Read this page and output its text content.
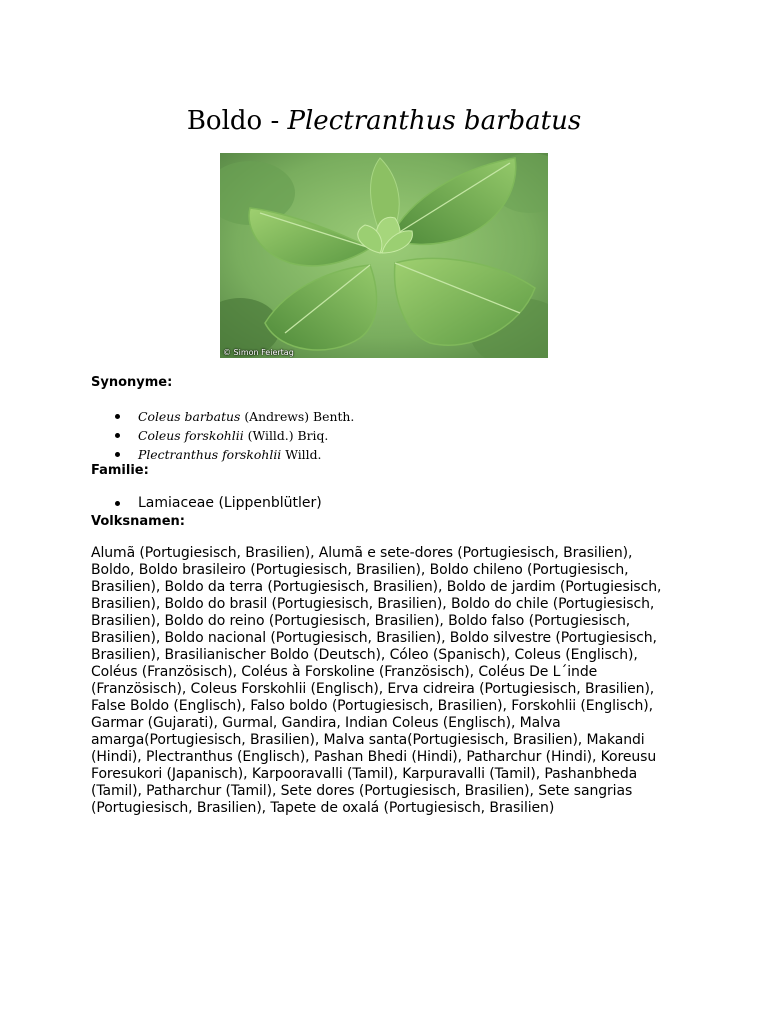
Boldo - Plectranthus barbatus
© Simon Feiertag
Synonyme:
Coleus barbatus (Andrews) Benth.
Coleus forskohlii (Willd.) Briq.
Plectranthus forskohlii Willd.
Familie:
Lamiaceae (Lippenblütler)
Volksnamen:

Alumã (Portugiesisch, Brasilien), Alumã e sete-dores (Portugiesisch, Brasilien), Boldo, Boldo brasileiro (Portugiesisch, Brasilien), Boldo chileno (Portugiesisch, Brasilien), Boldo da terra (Portugiesisch, Brasilien), Boldo de jardim (Portugiesisch, Brasilien), Boldo do brasil (Portugiesisch, Brasilien), Boldo do chile (Portugiesisch, Brasilien), Boldo do reino (Portugiesisch, Brasilien), Boldo falso (Portugiesisch, Brasilien), Boldo nacional (Portugiesisch, Brasilien), Boldo silvestre (Portugiesisch, Brasilien), Brasilianischer Boldo (Deutsch), Cóleo (Spanisch), Coleus (Englisch), Coléus (Französisch), Coléus à Forskoline (Französisch), Coléus De L´inde (Französisch), Coleus Forskohlii (Englisch), Erva cidreira (Portugiesisch, Brasilien), False Boldo (Englisch), Falso boldo (Portugiesisch, Brasilien), Forskohlii (Englisch), Garmar (Gujarati), Gurmal, Gandira, Indian Coleus (Englisch), Malva amarga(Portugiesisch, Brasilien), Malva santa(Portugiesisch, Brasilien), Makandi (Hindi), Plectranthus (Englisch), Pashan Bhedi (Hindi), Patharchur (Hindi), Koreusu Foresukori (Japanisch), Karpooravalli (Tamil), Karpuravalli (Tamil), Pashanbheda (Tamil), Patharchur (Tamil), Sete dores (Portugiesisch, Brasilien), Sete sangrias (Portugiesisch, Brasilien), Tapete de oxalá (Portugiesisch, Brasilien)
